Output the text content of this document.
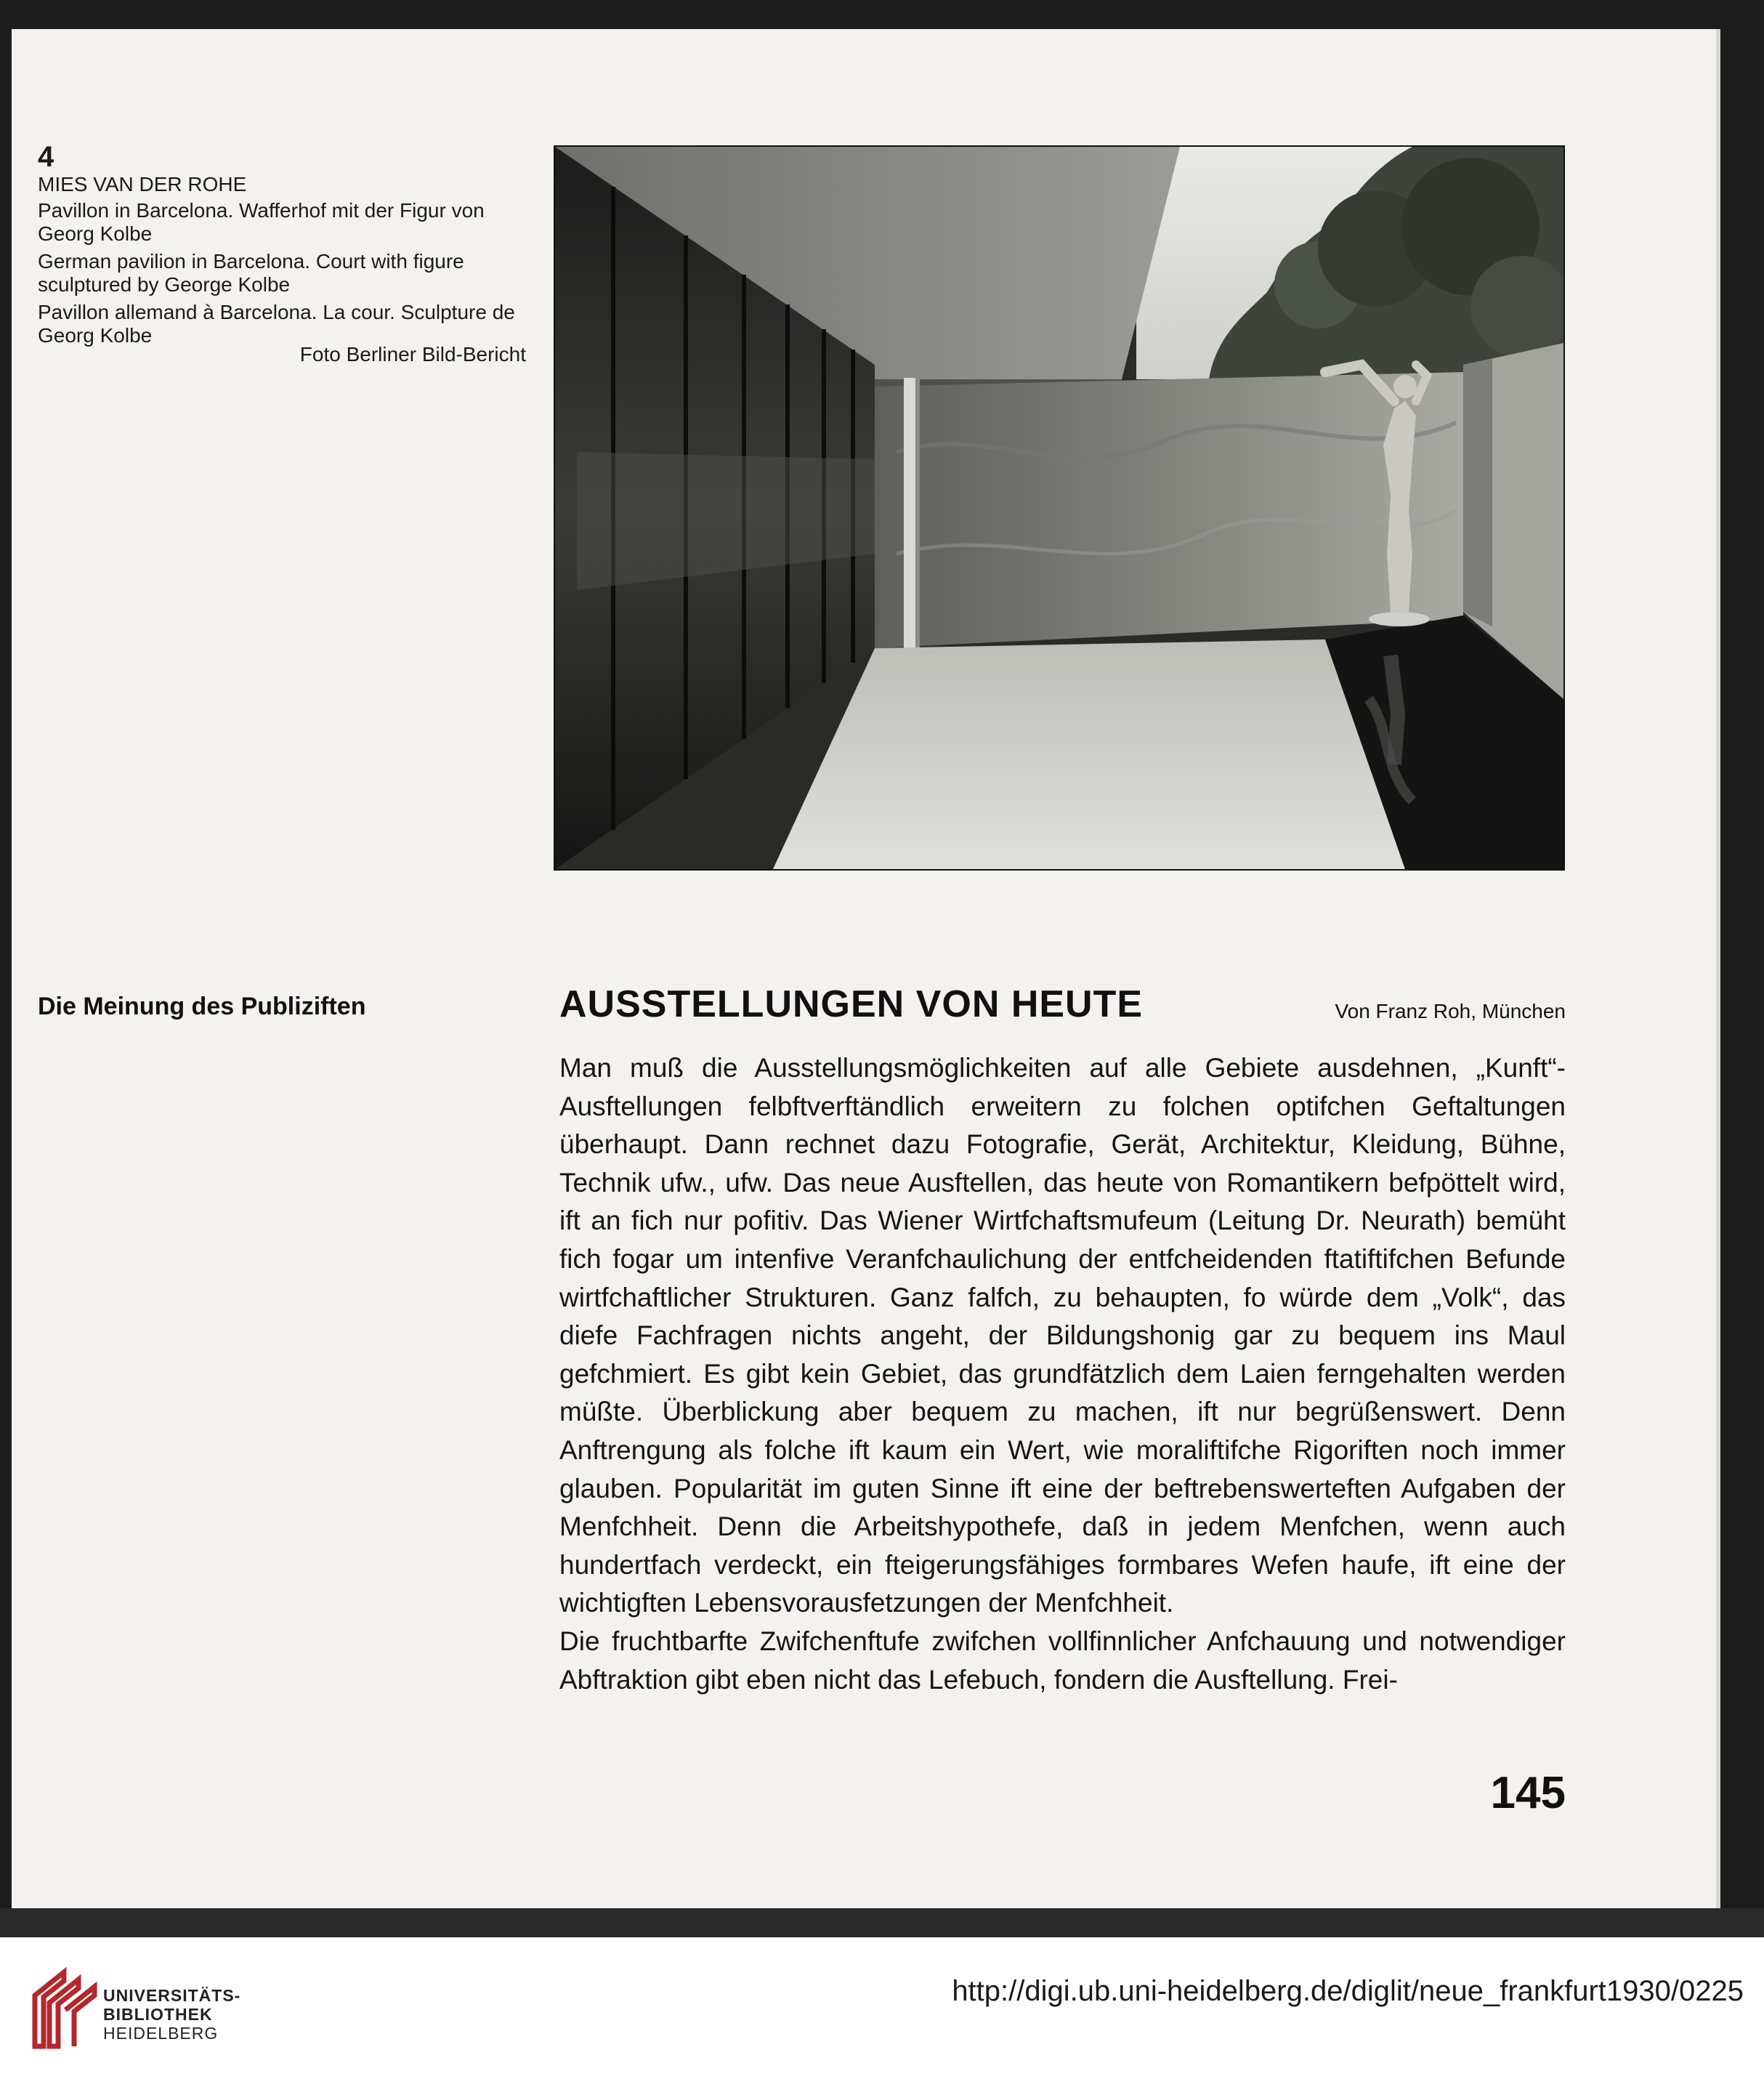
4
MIES VAN DER ROHE

Pavillon in Barcelona. Wafferhof mit der Figur von Georg Kolbe

German pavilion in Barcelona. Court with figure sculptured by George Kolbe

Pavillon allemand à Barcelona. La cour. Sculpture de Georg Kolbe

Foto Berliner Bild-Bericht
Die Meinung des Publiziften	AUSSTELLUNGEN VON HEUTE	Von Franz Roh, München

Man muß die Ausstellungsmöglichkeiten auf alle Gebiete ausdehnen, „Kunft“-Ausftellungen felbftverftändlich erweitern zu folchen optifchen Geftaltungen überhaupt. Dann rechnet dazu Fotografie, Gerät, Architektur, Kleidung, Bühne, Technik ufw., ufw. Das neue Ausftellen, das heute von Romantikern befpöttelt wird, ift an fich nur pofitiv. Das Wiener Wirtfchaftsmufeum (Leitung Dr. Neurath) bemüht fich fogar um intenfive Veranfchaulichung der entfcheidenden ftatiftifchen Befunde wirtfchaftlicher Strukturen. Ganz falfch, zu behaupten, fo würde dem „Volk“, das diefe Fachfragen nichts angeht, der Bildungshonig gar zu bequem ins Maul gefchmiert. Es gibt kein Gebiet, das grundfätzlich dem Laien ferngehalten werden müßte. Überblickung aber bequem zu machen, ift nur begrüßenswert. Denn Anftrengung als folche ift kaum ein Wert, wie moraliftifche Rigoriften noch immer glauben. Popularität im guten Sinne ift eine der beftrebenswerteften Aufgaben der Menfchheit. Denn die Arbeitshypothefe, daß in jedem Menfchen, wenn auch hundertfach verdeckt, ein fteigerungsfähiges formbares Wefen haufe, ift eine der wichtigften Lebensvorausfetzungen der Menfchheit.

Die fruchtbarfte Zwifchenftufe zwifchen vollfinnlicher Anfchauung und notwendiger Abftraktion gibt eben nicht das Lefebuch, fondern die Ausftellung. Frei-

145
UNIVERSITÄTS-
BIBLIOTHEK
HEIDELBERG
http://digi.ub.uni-heidelberg.de/diglit/neue_frankfurt1930/0225
